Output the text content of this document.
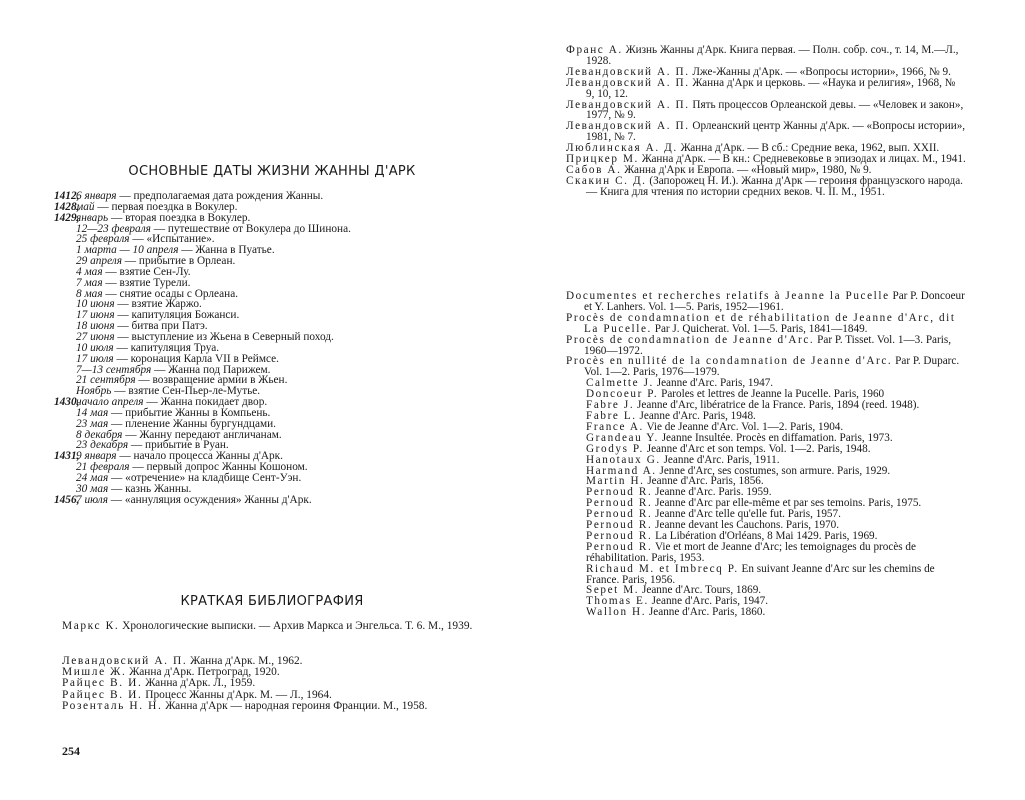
ОСНОВНЫЕ ДАТЫ ЖИЗНИ ЖАННЫ Д'АРК
1412,6 января — предполагаемая дата рождения Жанны.
1428,май — первая поездка в Вокулер.
1429,январь — вторая поездка в Вокулер.
12—23 февраля — путешествие от Вокулера до Шинона.
25 февраля — «Испытание».
1 марта — 10 апреля — Жанна в Пуатье.
29 апреля — прибытие в Орлеан.
4 мая — взятие Сен-Лу.
7 мая — взятие Турели.
8 мая — снятие осады с Орлеана.
10 июня — взятие Жаржо.
17 июня — капитуляция Божанси.
18 июня — битва при Патэ.
27 июня — выступление из Жьена в Северный поход.
10 июля — капитуляция Труа.
17 июля — коронация Карла VII в Реймсе.
7—13 сентября — Жанна под Парижем.
21 сентября — возвращение армии в Жьен.
Ноябрь — взятие Сен-Пьер-ле-Мутье.
1430,начало апреля — Жанна покидает двор.
14 мая — прибытие Жанны в Компьень.
23 мая — пленение Жанны бургундцами.
8 декабря — Жанну передают англичанам.
23 декабря — прибытие в Руан.
1431,9 января — начало процесса Жанны д'Арк.
21 февраля — первый допрос Жанны Кошоном.
24 мая — «отречение» на кладбище Сент-Уэн.
30 мая — казнь Жанны.
1456,7 июля — «аннуляция осуждения» Жанны д'Арк.
КРАТКАЯ БИБЛИОГРАФИЯ
Маркс К. Хронологические выписки. — Архив Маркса и Энгельса. Т. 6. М., 1939.
Левандовский А. П. Жанна д'Арк. М., 1962.
Мишле Ж. Жанна д'Арк. Петроград, 1920.
Райцес В. И. Жанна д'Арк. Л., 1959.
Райцес В. И. Процесс Жанны д'Арк. М. — Л., 1964.
Розенталь Н. Н. Жанна д'Арк — народная героиня Франции. М., 1958.
254
Франс А. Жизнь Жанны д'Арк. Книга первая. — Полн. собр. соч., т. 14, М.—Л., 1928.
Левандовский А. П. Лже-Жанны д'Арк. — «Вопросы истории», 1966, № 9.
Левандовский А. П. Жанна д'Арк и церковь. — «Наука и религия», 1968, № 9, 10, 12.
Левандовский А. П. Пять процессов Орлеанской девы. — «Человек и закон», 1977, № 9.
Левандовский А. П. Орлеанский центр Жанны д'Арк. — «Вопросы истории», 1981, № 7.
Люблинская А. Д. Жанна д'Арк. — В сб.: Средние века, 1962, вып. XXII.
Прицкер М. Жанна д'Арк. — В кн.: Средневековье в эпизодах и лицах. М., 1941.
Сабов А. Жанна д'Арк и Европа. — «Новый мир», 1980, № 9.
Скакин С. Д. (Запорожец Н. И.). Жанна д'Арк — героиня французского народа. — Книга для чтения по истории средних веков. Ч. II. М., 1951.
Documentes et recherches relatifs à Jeanne la Pucelle Par P. Doncoeur et Y. Lanhers. Vol. 1—5. Paris, 1952—1961.
Procès de condamnation et de réhabilitation de Jeanne d'Arc, dit La Pucelle. Par J. Quicherat. Vol. 1—5. Paris, 1841—1849.
Procès de condamnation de Jeanne d'Arc. Par P. Tisset. Vol. 1—3. Paris, 1960—1972.
Procès en nullité de la condamnation de Jeanne d'Arc. Par P. Duparc. Vol. 1—2. Paris, 1976—1979.
Calmette J. Jeanne d'Arc. Paris, 1947.
Doncoeur P. Paroles et lettres de Jeanne la Pucelle. Paris, 1960
Fabre J. Jeanne d'Arc, libératrice de la France. Paris, 1894 (reed. 1948).
Fabre L. Jeanne d'Arc. Paris, 1948.
France A. Vie de Jeanne d'Arc. Vol. 1—2. Paris, 1904.
Grandeau Y. Jeanne Insultée. Procès en diffamation. Paris, 1973.
Grodys P. Jeanne d'Arc et son temps. Vol. 1—2. Paris, 1948.
Hanotaux G. Jeanne d'Arc. Paris, 1911.
Harmand A. Jenne d'Arc, ses costumes, son armure. Paris, 1929.
Martin H. Jeanne d'Arc. Paris, 1856.
Pernoud R. Jeanne d'Arc. Paris. 1959.
Pernoud R. Jeanne d'Arc par elle-même et par ses temoins. Paris, 1975.
Pernoud R. Jeanne d'Arc telle qu'elle fut. Paris, 1957.
Pernoud R. Jeanne devant les Cauchons. Paris, 1970.
Pernoud R. La Libération d'Orléans, 8 Mai 1429. Paris, 1969.
Pernoud R. Vie et mort de Jeanne d'Arc; les temoignages du procès de réhabilitation. Paris, 1953.
Richaud M. et Imbrecq P. En suivant Jeanne d'Arc sur les chemins de France. Paris, 1956.
Sepet M. Jeanne d'Arc. Tours, 1869.
Thomas E. Jeanne d'Arc. Paris, 1947.
Wallon H. Jeanne d'Arc. Paris, 1860.
